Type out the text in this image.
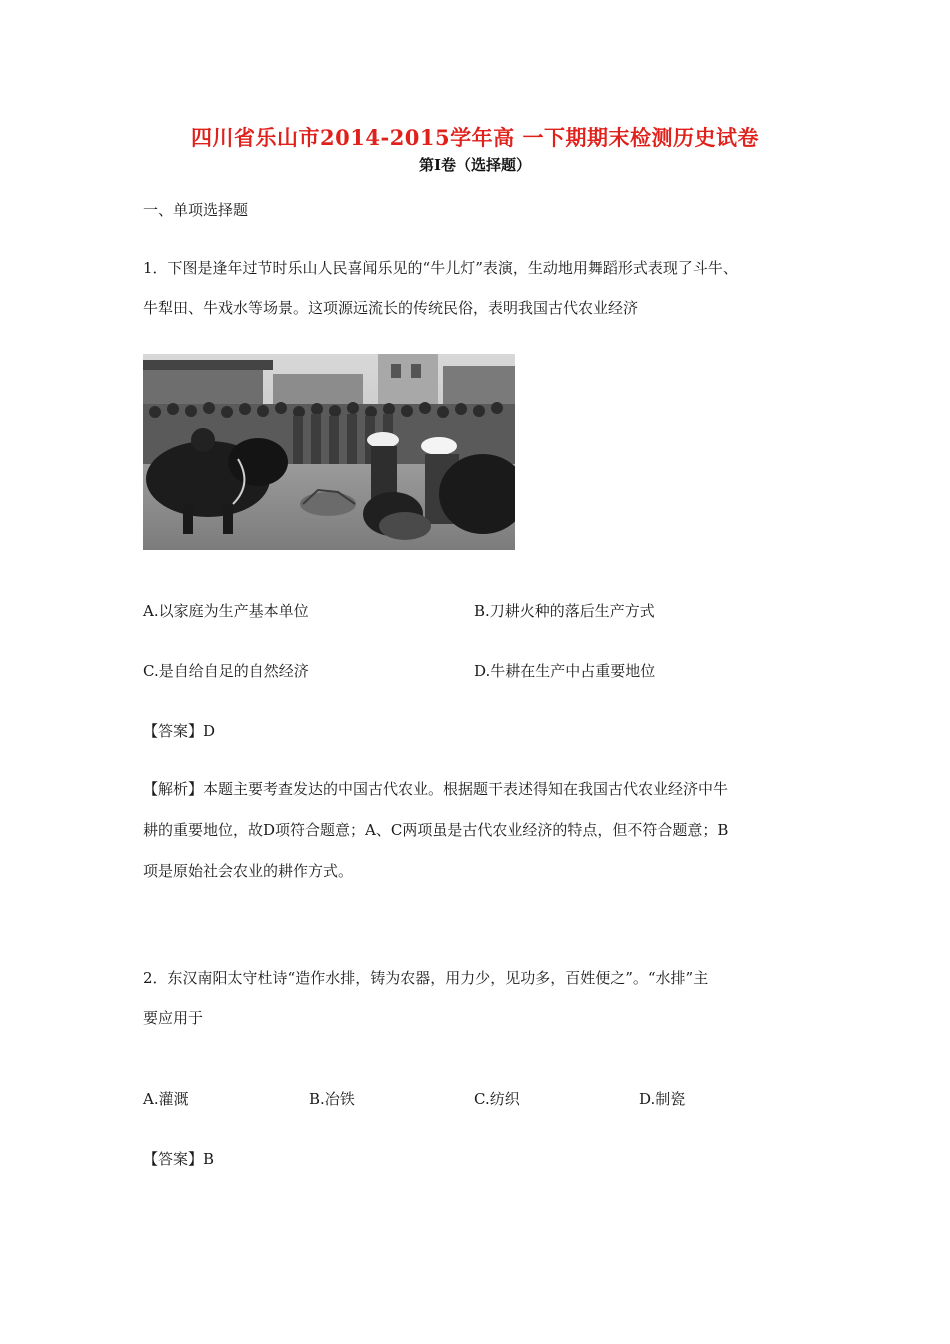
四川省乐山市2014-2015学年高 一下期期末检测历史试卷
第I卷（选择题）
一、单项选择题
1．下图是逢年过节时乐山人民喜闻乐见的“牛儿灯”表演，生动地用舞蹈形式表现了斗牛、
牛犁田、牛戏水等场景。这项源远流长的传统民俗，表明我国古代农业经济
A.以家庭为生产基本单位	B.刀耕火种的落后生产方式
C.是自给自足的自然经济	D.牛耕在生产中占重要地位
【答案】D
【解析】本题主要考查发达的中国古代农业。根据题干表述得知在我国古代农业经济中牛
耕的重要地位，故D项符合题意；A、C两项虽是古代农业经济的特点，但不符合题意；B
项是原始社会农业的耕作方式。
2．东汉南阳太守杜诗“造作水排，铸为农器，用力少，见功多，百姓便之”。“水排”主
要应用于
A.灌溉	B.冶铁	C.纺织	D.制瓷
【答案】B
